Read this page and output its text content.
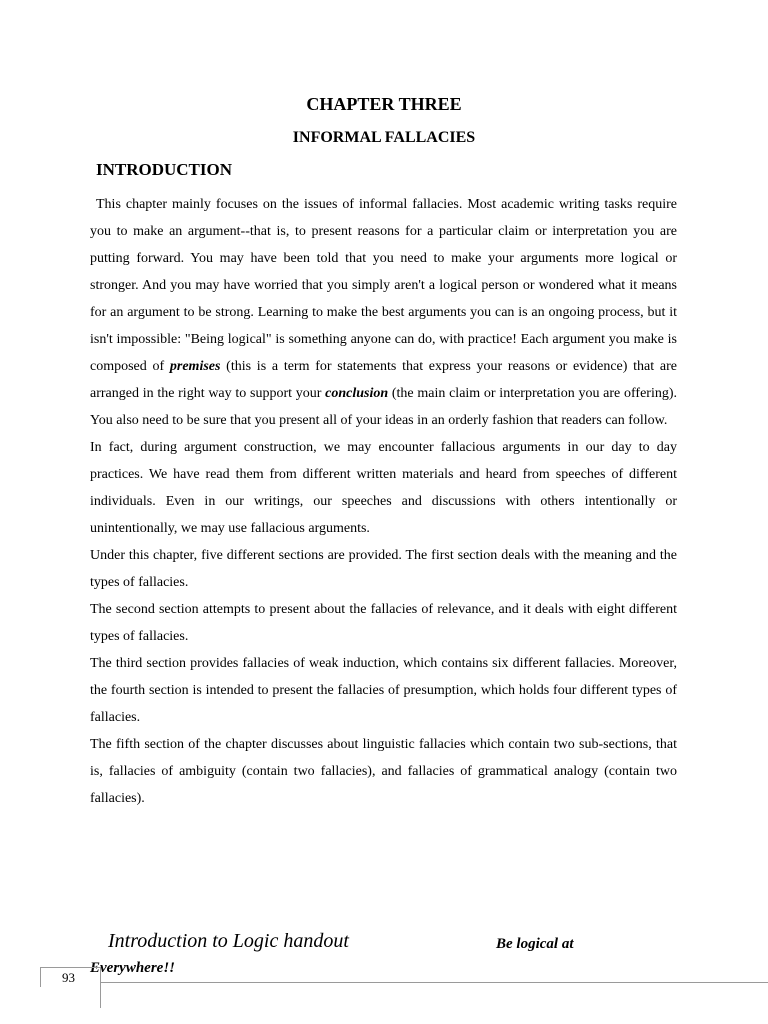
CHAPTER THREE
INFORMAL FALLACIES
INTRODUCTION

This chapter mainly focuses on the issues of informal fallacies. Most academic writing tasks require you to make an argument--that is, to present reasons for a particular claim or interpretation you are putting forward. You may have been told that you need to make your arguments more logical or stronger. And you may have worried that you simply aren't a logical person or wondered what it means for an argument to be strong. Learning to make the best arguments you can is an ongoing process, but it isn't impossible: "Being logical" is something anyone can do, with practice! Each argument you make is composed of premises (this is a term for statements that express your reasons or evidence) that are arranged in the right way to support your conclusion (the main claim or interpretation you are offering). You also need to be sure that you present all of your ideas in an orderly fashion that readers can follow.

In fact, during argument construction, we may encounter fallacious arguments in our day to day practices. We have read them from different written materials and heard from speeches of different individuals. Even in our writings, our speeches and discussions with others intentionally or unintentionally, we may use fallacious arguments.

Under this chapter, five different sections are provided. The first section deals with the meaning and the types of fallacies.

The second section attempts to present about the fallacies of relevance, and it deals with eight different types of fallacies.

The third section provides fallacies of weak induction, which contains six different fallacies. Moreover, the fourth section is intended to present the fallacies of presumption, which holds four different types of fallacies.

The fifth section of the chapter discusses about linguistic fallacies which contain two sub-sections, that is, fallacies of ambiguity (contain two fallacies), and fallacies of grammatical analogy (contain two fallacies).

Introduction to Logic handout	Be logical at
Everywhere!!
93
